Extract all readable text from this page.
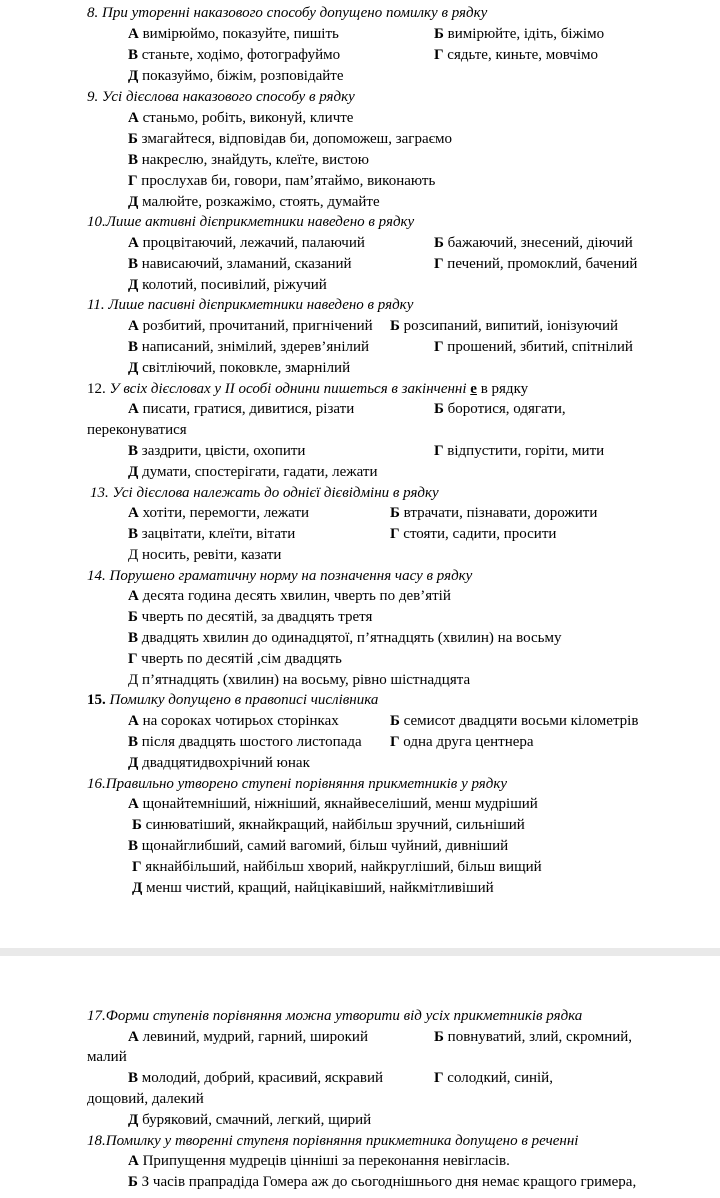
8. При уторенні наказового способу допущено помилку в рядку
А вимірюймо, показуйте, пишіть	Б вимірюйте, ідіть, біжімо
В станьте, ходімо, фотографуймо	Г сядьте, киньте, мовчімо
Д показуймо, біжім, розповідайте
9. Усі дієслова наказового способу в рядку
А станьмо, робіть, виконуй, кличте
Б змагайтеся, відповідав би, допоможеш, заграємо
В накреслю, знайдуть, клеїте, вистою
Г прослухав би, говори, пам’ятаймо, виконають
Д малюйте, розкажімо, стоять, думайте
10.Лише активні дієприкметники наведено в рядку
А процвітаючий, лежачий, палаючий	Б бажаючий, знесений, діючий
В нависаючий, зламаний, сказаний	Г печений, промоклий, бачений
Д колотий, посивілий, ріжучий
11. Лише пасивні дієприкметники наведено в рядку
А розбитий, прочитаний, пригнічений Б розсипаний, випитий, іонізуючий
В написаний, знімілий, здерев’янілий	Г прошений, збитий, спітнілий
Д світліючий, поковкле, змарнілий
12. У всіх дієсловах у ІІ особі однини пишеться в закінченні е в рядку
А писати, гратися, дивитися, різати	Б боротися, одягати,
переконуватися
В заздрити, цвісти, охопити	Г відпустити, горіти, мити
Д думати, спостерігати, гадати, лежати
13. Усі дієслова належать до однієї дієвідміни в рядку
А хотіти, перемогти, лежати	Б втрачати, пізнавати, дорожити
В зацвітати, клеїти, вітати	Г стояти, садити, просити
Д носить, ревіти, казати
14. Порушено граматичну норму на позначення часу в рядку
А десята година десять хвилин, чверть по дев’ятій
Б чверть по десятій, за двадцять третя
В двадцять хвилин до одинадцятої, п’ятнадцять (хвилин) на восьму
Г чверть по десятій ,сім двадцять
Д п’ятнадцять (хвилин) на восьму, рівно шістнадцята
15. Помилку допущено в правописі числівника
А на сороках чотирьох сторінках	Б семисот двадцяти восьми кілометрів
В після двадцять шостого листопада Г одна друга центнера
Д двадцятидвохрічний юнак
16.Правильно утворено ступені порівняння прикметників у рядку
А щонайтемніший, ніжніший, якнайвеселіший, менш мудріший
Б синюватіший, якнайкращий, найбільш зручний, сильніший
В щонайглибший, самий вагомий, більш чуйний, дивніший
Г якнайбільший, найбільш хворий, найкругліший, більш вищий
Д менш чистий, кращий, найцікавіший, найкмітливіший
17.Форми ступенів порівняння можна утворити від усіх прикметників рядка
А левиний, мудрий, гарний, широкий	Б повнуватий, злий, скромний,
малий
В молодий, добрий, красивий, яскравий	Г солодкий, синій,
дощовий, далекий
Д буряковий, смачний, легкий, щирий
18.Помилку у творенні ступеня порівняння прикметника допущено в реченні
А Припущення мудреців цінніші за переконання невігласів.
Б З часів прапрадіда Гомера аж до сьогоднішнього дня немає кращого гримера,
